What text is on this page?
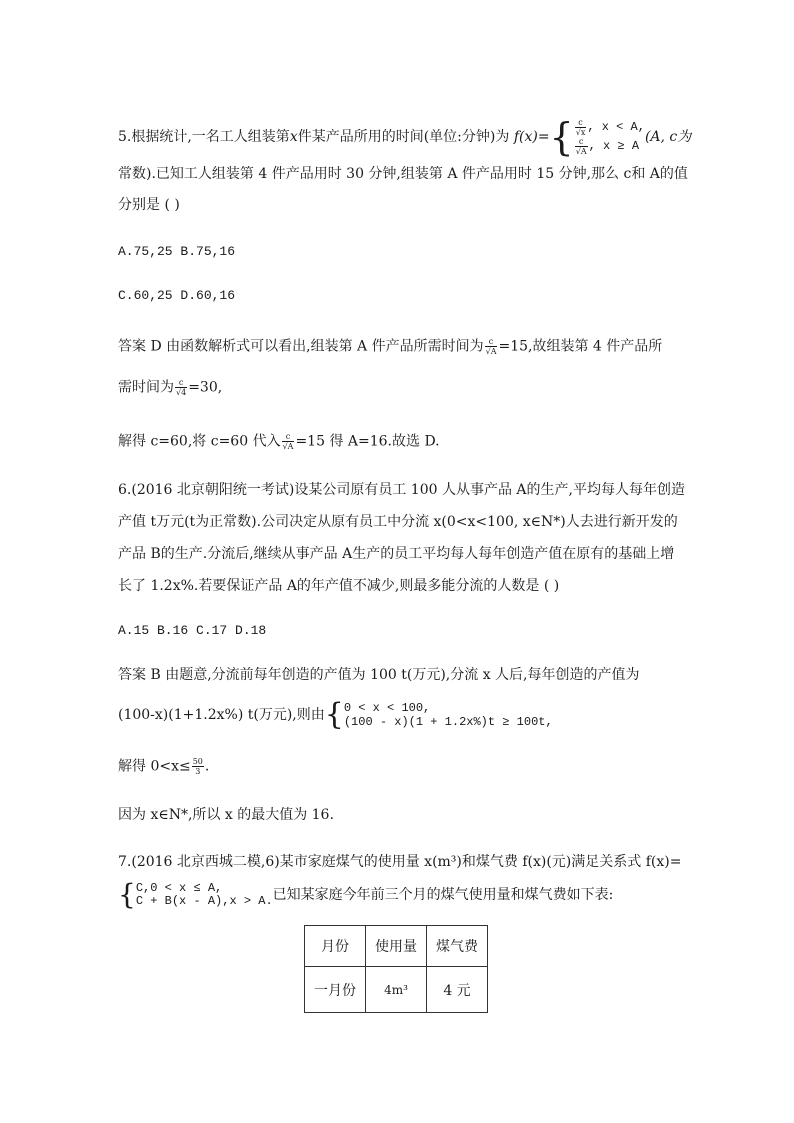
5.根据统计,一名工人组装第x件某产品所用的时间(单位:分钟)为 f(x)= { $\frac{c}{√x}$ , x < A,
$\frac{c}{√A}$ , x ≥ A
(A, c为
常数).已知工人组装第 4 件产品用时 30 分钟,组装第 A 件产品用时 15 分钟,那么 c和 A的值
分别是 ( )
A.75,25 B.75,16
C.60,25 D.60,16
答案 D 由函数解析式可以看出,组装第 A 件产品所需时间为 $\frac{c}{√A} =15$,故组装第 4 件产品所
需时间为 $\frac{c}{√4} =30$,
解得 c=60,将 c=60 代入 $\frac{c}{√A} =15$ 得 A=16.故选 D.
6.(2016 北京朝阳统一考试)设某公司原有员工 100 人从事产品 A的生产,平均每人每年创造
产值 t万元(t为正常数).公司决定从原有员工中分流 x(0<x<100, x∈N*)人去进行新开发的
产品 B的生产.分流后,继续从事产品 A生产的员工平均每人每年创造产值在原有的基础上增
长了 1.2x%.若要保证产品 A的年产值不减少,则最多能分流的人数是 ( )
A.15 B.16 C.17 D.18
答案 B 由题意,分流前每年创造的产值为 100 t(万元),分流 x 人后,每年创造的产值为
(100-x)(1+1.2x%) t(万元),则由 { 0 < x < 100,
(100 - x)(1 + 1.2x%)t ≥ 100t,
解得 $0<x\le \frac{50}{3}$ .
因为 x∈N*,所以 x 的最大值为 16.
7.(2016 北京西城二模,6)某市家庭煤气的使用量 x(m³)和煤气费 f(x)(元)满足关系式 f(x)=
{ C,0 < x ≤ A,
C + B(x - A),x > A. 已知某家庭今年前三个月的煤气使用量和煤气费如下表:
月份	使用量	煤气费
一月份	4m³	4 元
